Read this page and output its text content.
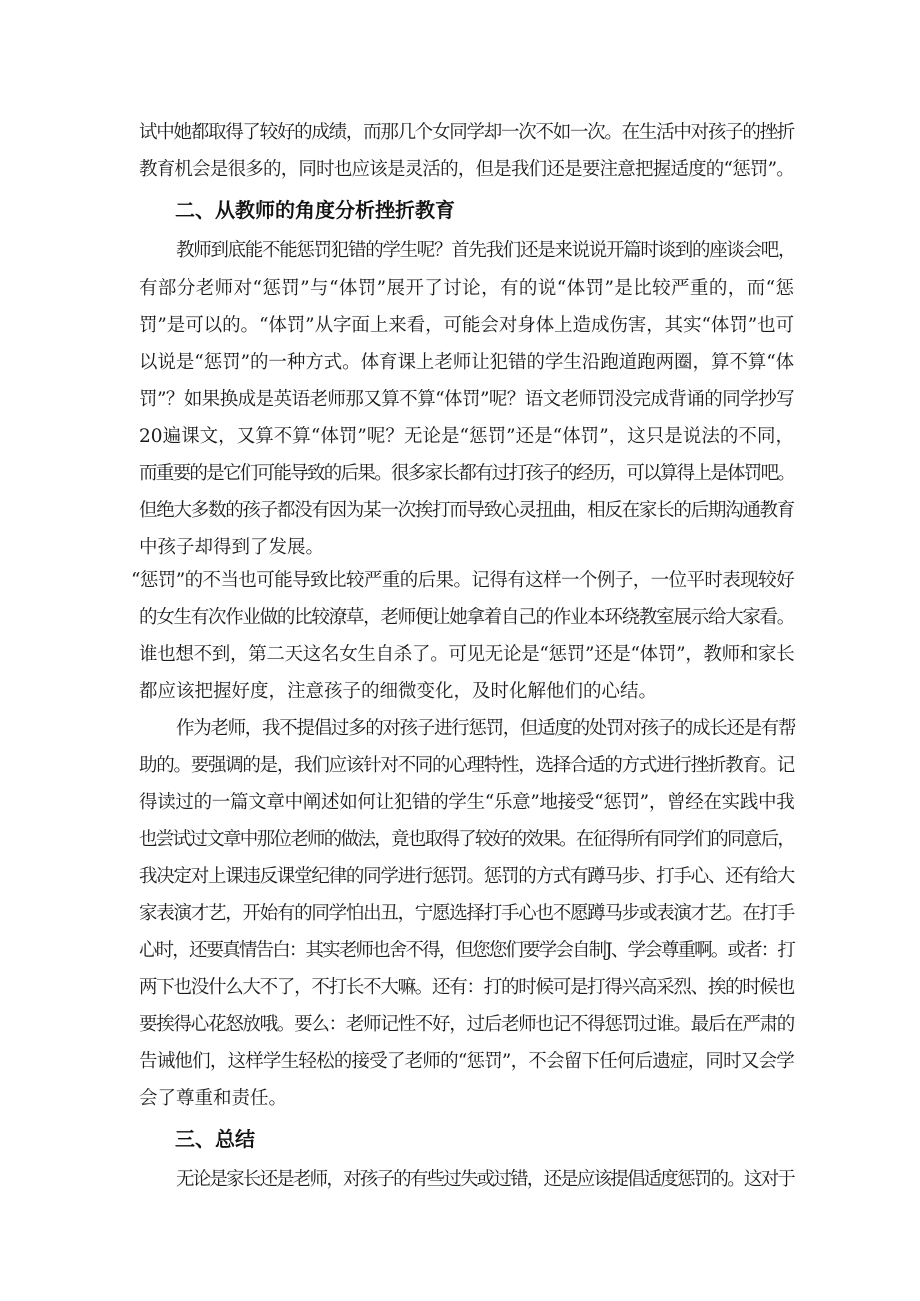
试中她都取得了较好的成绩，而那几个女同学却一次不如一次。在生活中对孩子的挫折
教育机会是很多的，同时也应该是灵活的，但是我们还是要注意把握适度的“惩罚”。
二、从教师的角度分析挫折教育
教师到底能不能惩罚犯错的学生呢？首先我们还是来说说开篇时谈到的座谈会吧，
有部分老师对“惩罚”与“体罚”展开了讨论，有的说“体罚”是比较严重的，而“惩
罚”是可以的。“体罚”从字面上来看，可能会对身体上造成伤害，其实“体罚”也可
以说是“惩罚”的一种方式。体育课上老师让犯错的学生沿跑道跑两圈，算不算“体
罚”？如果换成是英语老师那又算不算“体罚”呢？语文老师罚没完成背诵的同学抄写
20遍课文，又算不算“体罚”呢？无论是“惩罚”还是“体罚”，这只是说法的不同，
而重要的是它们可能导致的后果。很多家长都有过打孩子的经历，可以算得上是体罚吧。
但绝大多数的孩子都没有因为某一次挨打而导致心灵扭曲，相反在家长的后期沟通教育
中孩子却得到了发展。
“惩罚”的不当也可能导致比较严重的后果。记得有这样一个例子，一位平时表现较好
的女生有次作业做的比较潦草，老师便让她拿着自己的作业本环绕教室展示给大家看。
谁也想不到，第二天这名女生自杀了。可见无论是“惩罚”还是“体罚”，教师和家长
都应该把握好度，注意孩子的细微变化，及时化解他们的心结。
作为老师，我不提倡过多的对孩子进行惩罚，但适度的处罚对孩子的成长还是有帮
助的。要强调的是，我们应该针对不同的心理特性，选择合适的方式进行挫折教育。记
得读过的一篇文章中阐述如何让犯错的学生“乐意”地接受“惩罚”，曾经在实践中我
也尝试过文章中那位老师的做法，竟也取得了较好的效果。在征得所有同学们的同意后，
我决定对上课违反课堂纪律的同学进行惩罚。惩罚的方式有蹲马步、打手心、还有给大
家表演才艺，开始有的同学怕出丑，宁愿选择打手心也不愿蹲马步或表演才艺。在打手
心时，还要真情告白：其实老师也舍不得，但您您们要学会自制J、学会尊重啊。或者：打
两下也没什么大不了，不打长不大嘛。还有：打的时候可是打得兴高采烈、挨的时候也
要挨得心花怒放哦。要么：老师记性不好，过后老师也记不得惩罚过谁。最后在严肃的
告诫他们，这样学生轻松的接受了老师的“惩罚”，不会留下任何后遗症，同时又会学
会了尊重和责任。
三、总结
无论是家长还是老师，对孩子的有些过失或过错，还是应该提倡适度惩罚的。这对于
